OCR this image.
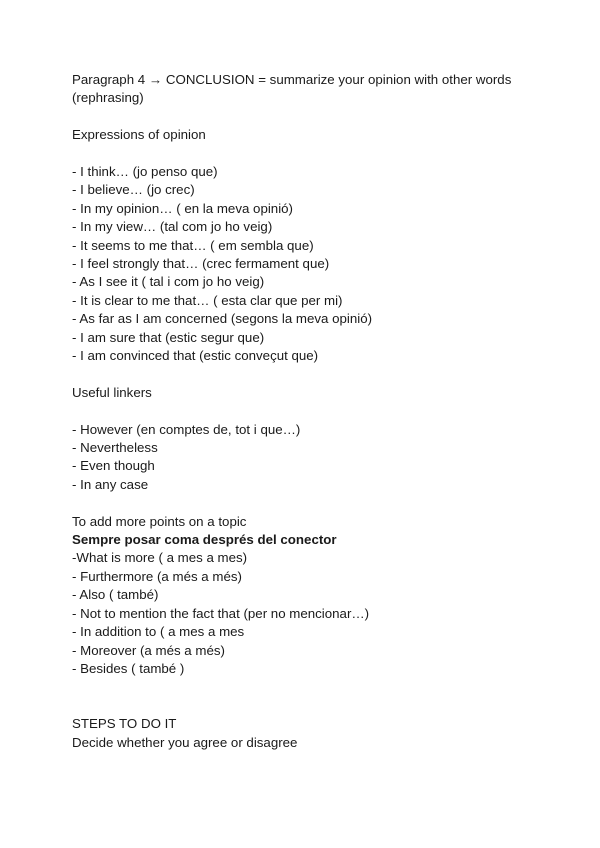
Paragraph 4 → CONCLUSION = summarize your opinion with other words (rephrasing)
Expressions of opinion
- I think… (jo penso que)
- I believe… (jo crec)
- In my opinion… ( en la meva opinió)
- In my view… (tal com jo ho veig)
- It seems to me that… ( em sembla que)
- I feel strongly that… (crec fermament que)
- As I see it ( tal i com jo ho veig)
- It is clear to me that… ( esta clar que per mi)
- As far as I am concerned (segons la meva opinió)
- I am sure that (estic segur que)
- I am convinced that (estic conveçut que)
Useful linkers
- However (en comptes de, tot i que…)
- Nevertheless
- Even though
- In any case
To add more points on a topic
Sempre posar coma després del conector
-What is more ( a mes a mes)
- Furthermore (a més a més)
- Also ( també)
- Not to mention the fact that (per no mencionar…)
- In addition to ( a mes a mes
- Moreover (a més a més)
- Besides ( també )
STEPS TO DO IT
Decide whether you agree or disagree
